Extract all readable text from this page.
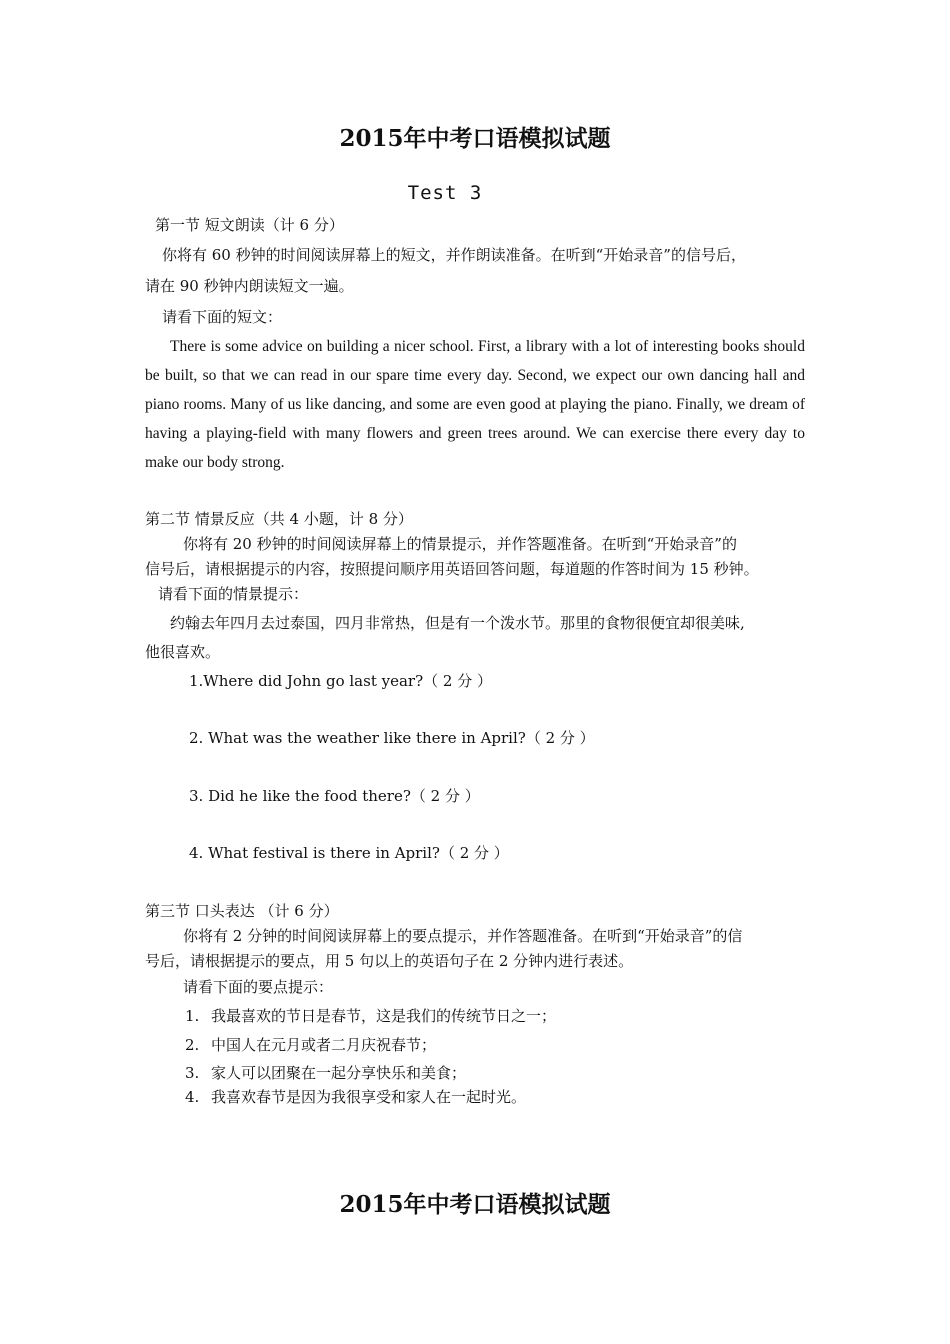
2015年中考口语模拟试题
Test 3
第一节 短文朗读（计 6 分）
你将有 60 秒钟的时间阅读屏幕上的短文，并作朗读准备。在听到“开始录音”的信号后，
请在 90 秒钟内朗读短文一遍。
请看下面的短文：
There is some advice on building a nicer school. First, a library with a lot of interesting books should be built, so that we can read in our spare time every day. Second, we expect our own dancing hall and piano rooms. Many of us like dancing, and some are even good at playing the piano. Finally, we dream of having a playing-field with many flowers and green trees around. We can exercise there every day to make our body strong.
第二节 情景反应（共 4 小题，计 8 分）
你将有 20 秒钟的时间阅读屏幕上的情景提示，并作答题准备。在听到“开始录音”的
信号后，请根据提示的内容，按照提问顺序用英语回答问题，每道题的作答时间为 15 秒钟。
请看下面的情景提示：
约翰去年四月去过泰国，四月非常热，但是有一个泼水节。那里的食物很便宜却很美味,
他很喜欢。
1.Where did John go last year?（ 2 分 ）
2. What was the weather like there in April?（ 2 分 ）
3. Did he like the food there?（ 2 分 ）
4. What festival is there in April?（ 2 分 ）
第三节 口头表达 （计 6 分）
你将有 2 分钟的时间阅读屏幕上的要点提示，并作答题准备。在听到“开始录音”的信
号后，请根据提示的要点，用 5 句以上的英语句子在 2 分钟内进行表述。
请看下面的要点提示：
1. 我最喜欢的节日是春节，这是我们的传统节日之一；
2. 中国人在元月或者二月庆祝春节；
3. 家人可以团聚在一起分享快乐和美食；
4. 我喜欢春节是因为我很享受和家人在一起时光。
2015年中考口语模拟试题
